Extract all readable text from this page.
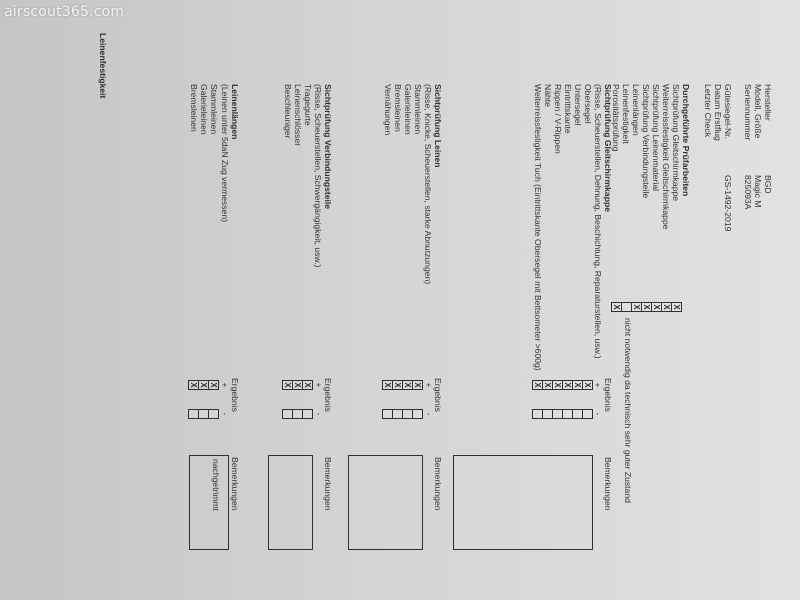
Hersteller
Modell, Größe
Seriennummer
Gütesiegel-Nr.
Datum Erstflug
Letzter Check
BGD
Magic M
825093A
GS-1492-2019
Durchgeführte Prüfarbeiten
Sichtprüfung Gleitschirmkappe
X
Weiterreissfestigkeit Gleitschirmkappe
X
Sichtprüfung Leinenmaterial
X
Sichtprüfung Verbindungsteile
X
Leinenlängen
X
Leinenfestigkeit
Porositätsprüfung
X
nicht notwendig da technisch sehr guter Zustand
Sichtprüfung Gleitschirmkappe
(Risse, Scheuerstellen, Dehnung, Beschichtung, Reparaturstellen, usw.)
Ergebnis
Bemerkungen
+
-
Obersegel
X
Untersegel
X
Eintrittskante
X
Rippen / V-Rippen
X
Nähte
X
Weiterreissfestigkeit Tuch (Eintrittskante Obersegel mit Bettsometer >600g)
X
Sichtprüfung Leinen
(Risse, Knicke, Scheuerstellen, starke Abnutzungen)
Ergebnis
Bemerkungen
+
-
Stammleinen
X
Galerieleinen
X
Bremsleinen
X
Vernähungen
X
Sichtprüfung Verbindungsteile
(Risse, Scheuerstellen, Schwergängigkeit, usw.)
Ergebnis
Bemerkungen
+
-
Tragegurte
X
Leinenschlösser
X
Beschleuniger
X
Leinenlängen
(Leinen unter 5daN Zug vermessen)
Ergebnis
Bemerkungen
+
-
Stammleinen
X
Galerieleinen
X
Bremsleinen
X
nachgetrimmt
Leinenfestigkeit
airscout365.com
